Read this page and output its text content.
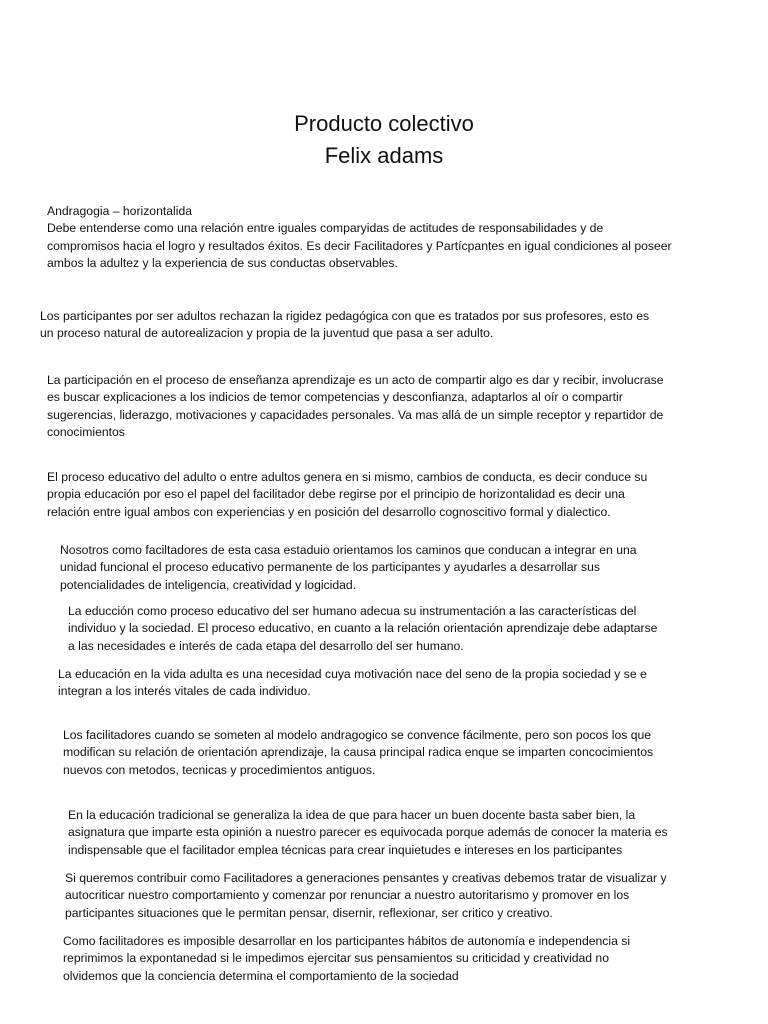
Producto colectivo
Felix adams

Andragogia – horizontalida
Debe entenderse como una relación entre iguales comparyidas de actitudes de responsabilidades y de
compromisos hacia el logro y resultados éxitos. Es decir Facilitadores y Partícpantes en igual condiciones al poseer
ambos la adultez y la experiencia de sus conductas observables.

Los participantes por ser adultos rechazan la rigidez pedagógica con que es tratados por sus profesores, esto es
un proceso natural de autorealizacion y propia de la juventud que pasa a ser adulto.

La participación en el proceso de enseñanza aprendizaje es un acto de compartir algo es dar y recibir, involucrase
es buscar explicaciones a los indicios de temor competencias y desconfianza, adaptarlos al oír o compartir
sugerencias, liderazgo, motivaciones y capacidades personales. Va mas allá de un simple receptor y repartidor de
conocimientos

El proceso educativo del adulto o entre adultos genera en si mismo, cambios de conducta, es decir conduce su
propia educación por eso el papel del facilitador debe regirse por el principio de horizontalidad es decir una
relación entre igual ambos con experiencias y en posición del desarrollo cognoscitivo formal y dialectico.

Nosotros como faciltadores de esta casa estaduio orientamos los caminos que conducan a integrar en una
unidad funcional el proceso educativo permanente de los participantes y ayudarles a desarrollar sus
potencialidades de inteligencia, creatividad y logicidad.

La educción como proceso educativo del ser humano adecua su instrumentación a las características del
individuo y la sociedad. El proceso educativo, en cuanto a la relación orientación aprendizaje debe adaptarse
a las necesidades e interés de cada etapa del desarrollo del ser humano.

La educación en la vida adulta es una necesidad cuya motivación nace del seno de la propia sociedad y se e
integran a los interés vitales de cada individuo.

Los facilitadores cuando se someten al modelo andragogico se convence fácilmente, pero son pocos los que
modifican su relación de orientación aprendizaje, la causa principal radica enque se imparten concocimientos
nuevos con metodos, tecnicas y procedimientos antiguos.

En la educación tradicional se generaliza la idea de que para hacer un buen docente basta saber bien, la
asignatura que imparte esta opinión a nuestro parecer es equivocada porque además de conocer la materia es
indispensable que el facilitador emplea técnicas para crear inquietudes e intereses en los participantes

Si queremos contribuir como Facilitadores a generaciones pensantes y creativas debemos tratar de visualizar y
autocriticar nuestro comportamiento y comenzar por renunciar a nuestro autoritarismo y promover en los
participantes situaciones que le permitan pensar, disernir, reflexionar, ser critico y creativo.

Como facilitadores es imposible desarrollar en los participantes hábitos de autonomía e independencia si
reprimimos la expontanedad si le impedimos ejercitar sus pensamientos su criticidad y creatividad no
olvidemos que la conciencia determina el comportamiento de la sociedad
